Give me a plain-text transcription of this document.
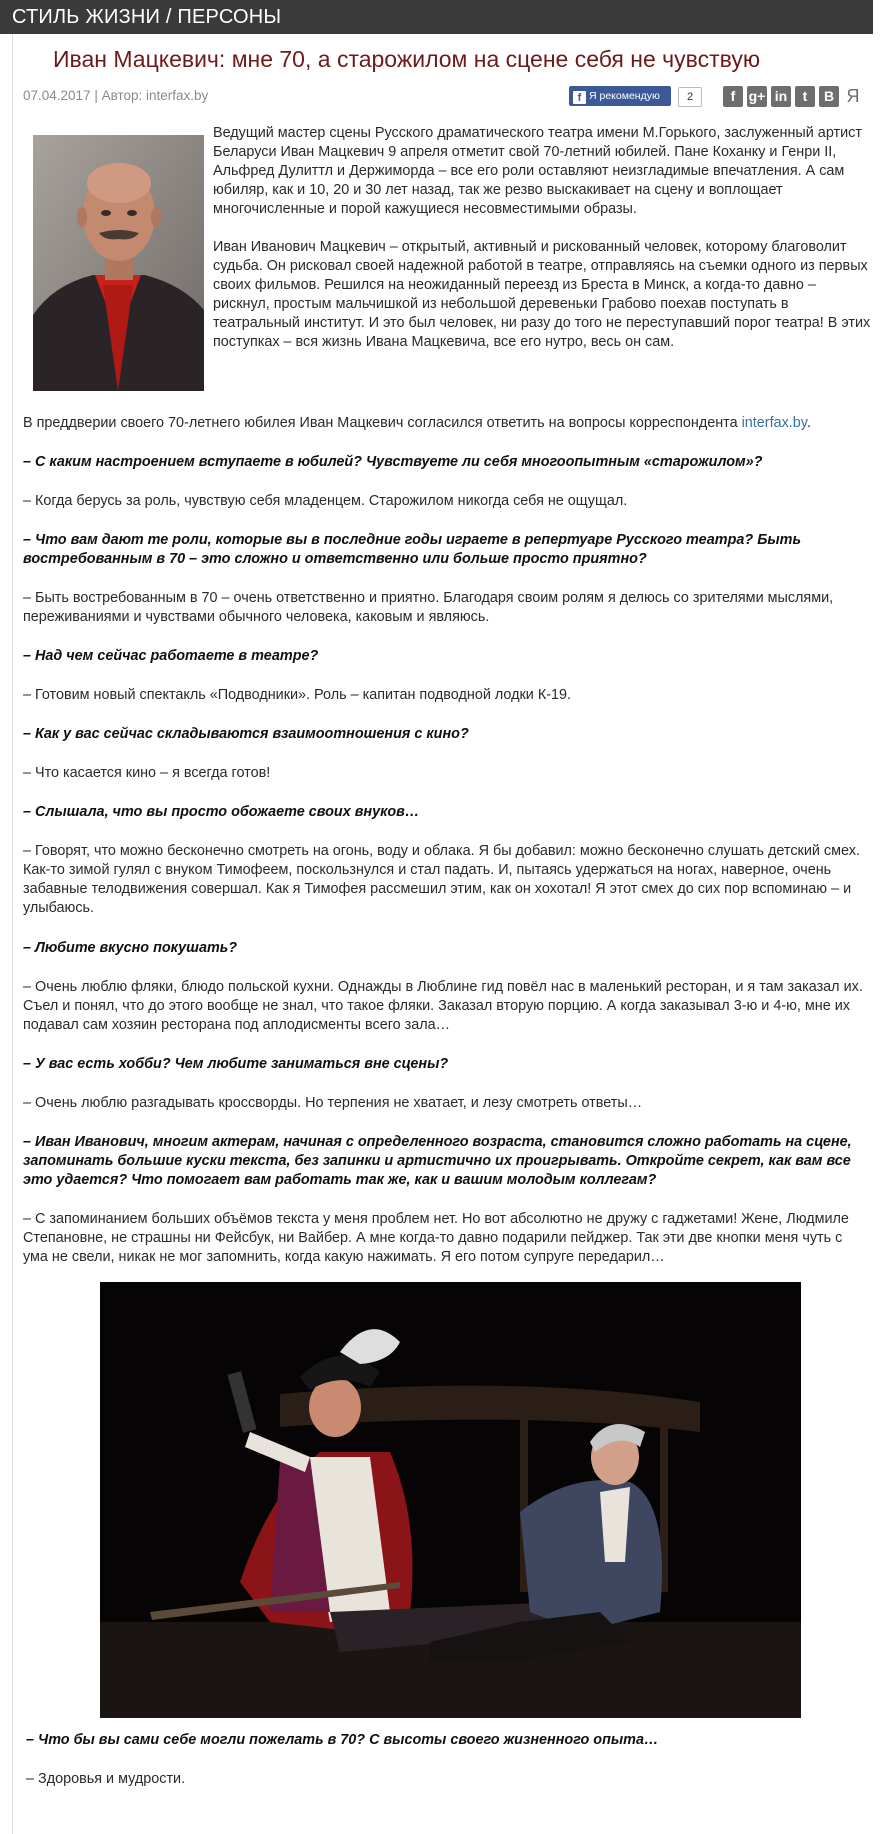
СТИЛЬ ЖИЗНИ / ПЕРСОНЫ
Иван Мацкевич: мне 70, а старожилом на сцене себя не чувствую
07.04.2017 | Автор: interfax.by	f Я рекомендую	2	f g+ in	t	B Я

Ведущий мастер сцены Русского драматического театра имени М.Горького, заслуженный артист Беларуси Иван Мацкевич 9 апреля отметит свой 70-летний юбилей. Пане Коханку и Генри II, Альфред Дулиттл и Держиморда – все его роли оставляют неизгладимые впечатления. А сам юбиляр, как и 10, 20 и 30 лет назад, так же резво выскакивает на сцену и воплощает многочисленные и порой кажущиеся несовместимыми образы.

Иван Иванович Мацкевич – открытый, активный и рискованный человек, которому благоволит судьба. Он рисковал своей надежной работой в театре, отправляясь на съемки одного из первых своих фильмов. Решился на неожиданный переезд из Бреста в Минск, а когда-то давно – рискнул, простым мальчишкой из небольшой деревеньки Грабово поехав поступать в театральный институт. И это был человек, ни разу до того не переступавший порог театра! В этих поступках – вся жизнь Ивана Мацкевича, все его нутро, весь он сам.

В преддверии своего 70-летнего юбилея Иван Мацкевич согласился ответить на вопросы корреспондента interfax.by.

– С каким настроением вступаете в юбилей? Чувствуете ли себя многоопытным «старожилом»?
– Когда берусь за роль, чувствую себя младенцем. Старожилом никогда себя не ощущал.
– Что вам дают те роли, которые вы в последние годы играете в репертуаре Русского театра? Быть востребованным в 70 – это сложно и ответственно или больше просто приятно?
– Быть востребованным в 70 – очень ответственно и приятно. Благодаря своим ролям я делюсь со зрителями мыслями, переживаниями и чувствами обычного человека, каковым и являюсь.
– Над чем сейчас работаете в театре?
– Готовим новый спектакль «Подводники». Роль – капитан подводной лодки К-19.
– Как у вас сейчас складываются взаимоотношения с кино?
– Что касается кино – я всегда готов!
– Слышала, что вы просто обожаете своих внуков…
– Говорят, что можно бесконечно смотреть на огонь, воду и облака. Я бы добавил: можно бесконечно слушать детский смех. Как-то зимой гулял с внуком Тимофеем, поскользнулся и стал падать. И, пытаясь удержаться на ногах, наверное, очень забавные телодвижения совершал. Как я Тимофея рассмешил этим, как он хохотал! Я этот смех до сих пор вспоминаю – и улыбаюсь.
– Любите вкусно покушать?
– Очень люблю фляки, блюдо польской кухни. Однажды в Люблине гид повёл нас в маленький ресторан, и я там заказал их. Съел и понял, что до этого вообще не знал, что такое фляки. Заказал вторую порцию. А когда заказывал 3-ю и 4-ю, мне их подавал сам хозяин ресторана под аплодисменты всего зала…
– У вас есть хобби? Чем любите заниматься вне сцены?
– Очень люблю разгадывать кроссворды. Но терпения не хватает, и лезу смотреть ответы…
– Иван Иванович, многим актерам, начиная с определенного возраста, становится сложно работать на сцене, запоминать большие куски текста, без запинки и артистично их проигрывать. Откройте секрет, как вам все это удается? Что помогает вам работать так же, как и вашим молодым коллегам?
– С запоминанием больших объёмов текста у меня проблем нет. Но вот абсолютно не дружу с гаджетами! Жене, Людмиле Степановне, не страшны ни Фейсбук, ни Вайбер. А мне когда-то давно подарили пейджер. Так эти две кнопки меня чуть с ума не свели, никак не мог запомнить, когда какую нажимать. Я его потом супруге передарил…
– Что бы вы сами себе могли пожелать в 70? С высоты своего жизненного опыта…
– Здоровья и мудрости.
